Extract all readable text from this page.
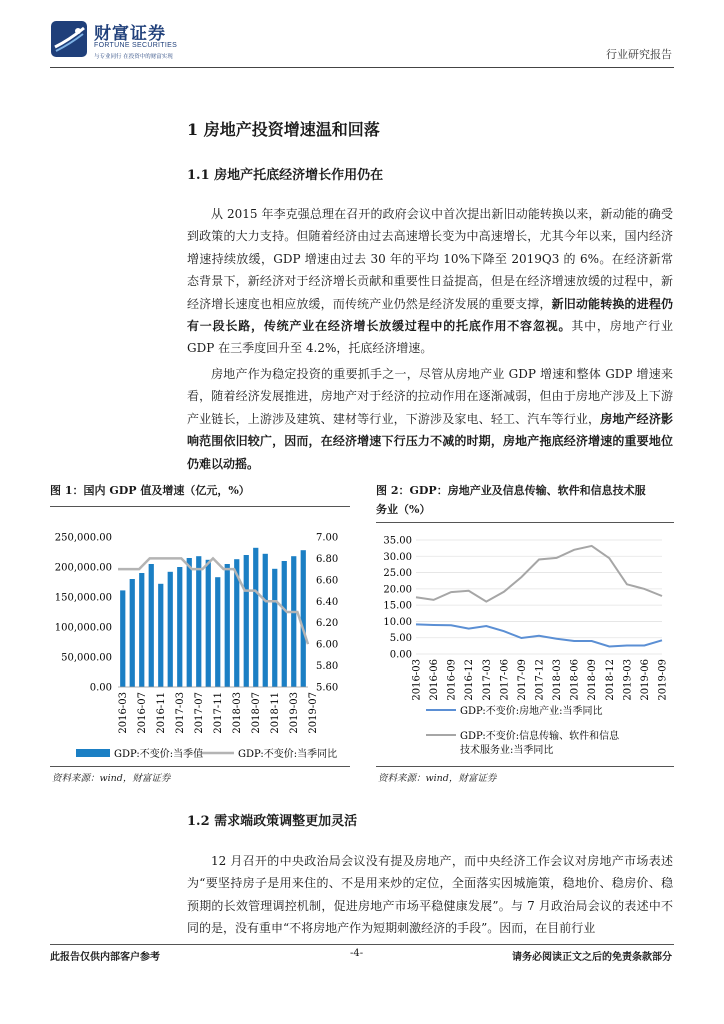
财富证券
FORTUNE SECURITIES
与专业同行 在投资中的财富实现	行业研究报告
1 房地产投资增速温和回落
1.1 房地产托底经济增长作用仍在

从 2015 年李克强总理在召开的政府会议中首次提出新旧动能转换以来，新动能的确受到政策的大力支持。但随着经济由过去高速增长变为中高速增长，尤其今年以来，国内经济增速持续放缓，GDP 增速由过去 30 年的平均 10%下降至 2019Q3 的 6%。在经济新常态背景下，新经济对于经济增长贡献和重要性日益提高，但是在经济增速放缓的过程中，新经济增长速度也相应放缓，而传统产业仍然是经济发展的重要支撑，新旧动能转换的进程仍有一段长路，传统产业在经济增长放缓过程中的托底作用不容忽视。其中，房地产行业 GDP 在三季度回升至 4.2%，托底经济增速。

房地产作为稳定投资的重要抓手之一，尽管从房地产业 GDP 增速和整体 GDP 增速来看，随着经济发展推进，房地产对于经济的拉动作用在逐渐减弱，但由于房地产涉及上下游产业链长，上游涉及建筑、建材等行业，下游涉及家电、轻工、汽车等行业，房地产经济影响范围依旧较广，因而，在经济增速下行压力不减的时期，房地产拖底经济增速的重要地位仍难以动摇。

图 1：国内 GDP 值及增速（亿元，%）
250,000.00
200,000.00
150,000.00
100,000.00
50,000.00
0.00
7.00
6.80
6.60
6.40
6.20
6.00
5.80
5.60
2016-03 2016-07 2016-11 2017-03 2017-07 2017-11 2018-03 2018-07 2018-11 2019-03 2019-07
GDP:不变价:当季值	GDP:不变价:当季同比
资料来源：wind，财富证券
图 2：GDP：房地产业及信息传输、软件和信息技术服
务业（%）
35.00
30.00
25.00
20.00
15.00
10.00
5.00
0.00
2016-03 2016-06 2016-09 2016-12 2017-03 2017-06 2017-09 2017-12 2018-03 2018-06 2018-09 2018-12 2019-03 2019-06 2019-09
GDP:不变价:房地产业:当季同比
GDP:不变价:信息传输、软件和信息
技术服务业:当季同比
资料来源：wind，财富证券
1.2 需求端政策调整更加灵活

12 月召开的中央政治局会议没有提及房地产，而中央经济工作会议对房地产市场表述为“要坚持房子是用来住的、不是用来炒的定位，全面落实因城施策，稳地价、稳房价、稳预期的长效管理调控机制，促进房地产市场平稳健康发展”。与 7 月政治局会议的表述中不同的是，没有重申“不将房地产作为短期刺激经济的手段”。因而，在目前行业

此报告仅供内部客户参考	-4-	请务必阅读正文之后的免责条款部分
